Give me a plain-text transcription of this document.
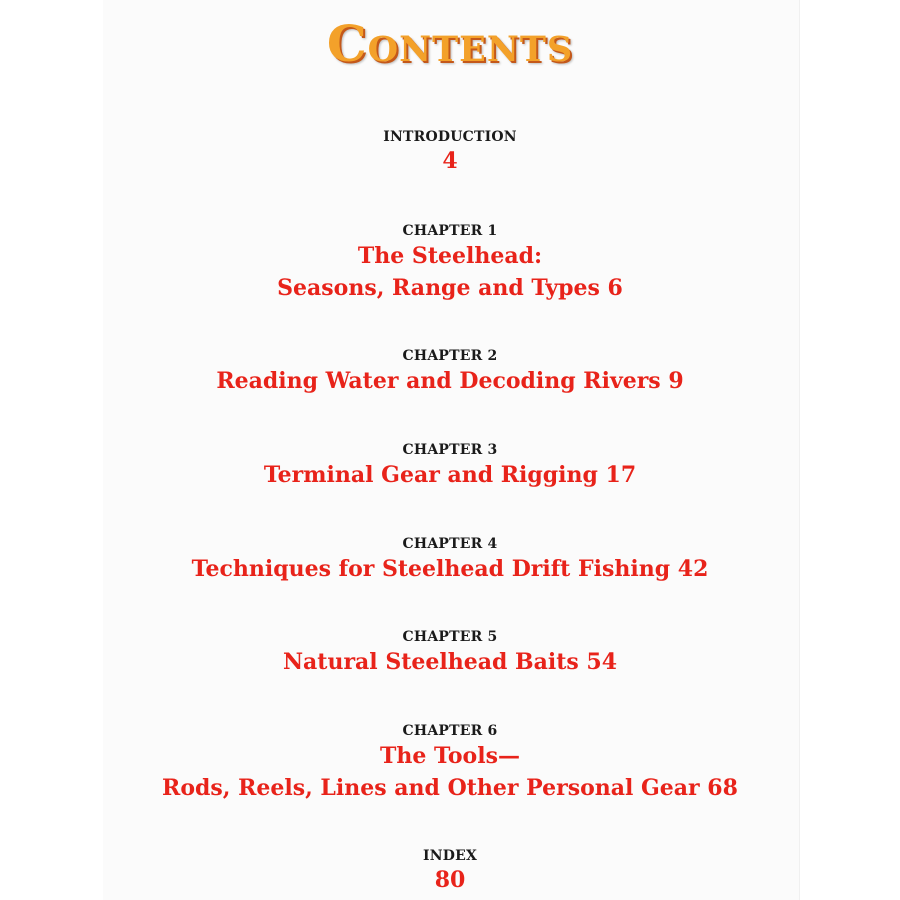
Contents
INTRODUCTION
4
CHAPTER 1
The Steelhead:
Seasons, Range and Types 6
CHAPTER 2
Reading Water and Decoding Rivers 9
CHAPTER 3
Terminal Gear and Rigging 17
CHAPTER 4
Techniques for Steelhead Drift Fishing 42
CHAPTER 5
Natural Steelhead Baits 54
CHAPTER 6
The Tools—
Rods, Reels, Lines and Other Personal Gear 68
INDEX
80
